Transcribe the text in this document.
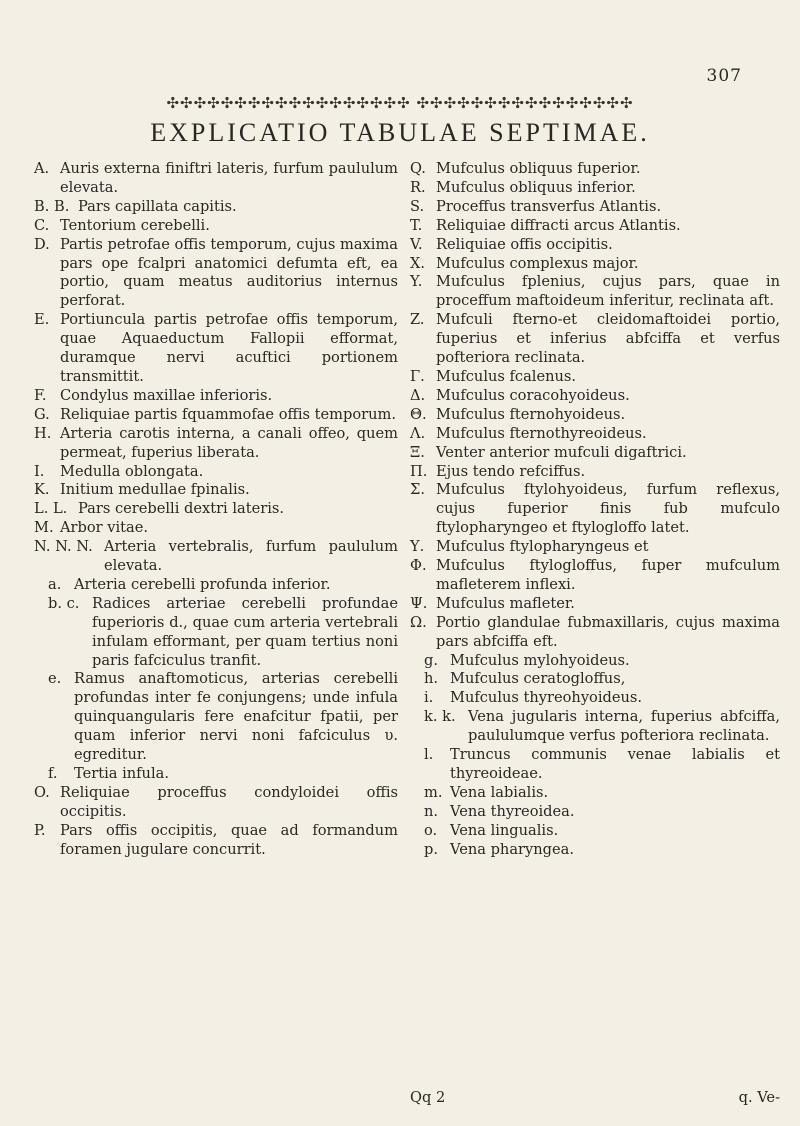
307
✣✣✣✣✣✣✣✣✣✣✣✣✣✣✣✣✣✣ ✣✣✣✣✣✣✣✣✣✣✣✣✣✣✣✣
EXPLICATIO TABULAE SEPTIMAE.
A. Auris externa finiftri lateris, furfum paululum elevata.
B. B. Pars capillata capitis.
C. Tentorium cerebelli.
D. Partis petrofae offis temporum, cujus maxima pars ope fcalpri anatomici defumta eft, ea portio, quam meatus auditorius internus perforat.
E. Portiuncula partis petrofae offis temporum, quae Aquaeductum Fallopii efformat, duramque nervi acuftici portionem transmittit.
F. Condylus maxillae inferioris.
G. Reliquiae partis fquammofae offis temporum.
H. Arteria carotis interna, a canali offeo, quem permeat, fuperius liberata.
I.	Medulla oblongata.
K. Initium medullae fpinalis.
L. L. Pars cerebelli dextri lateris.
M. Arbor vitae.
N. N. N. Arteria vertebralis, furfum paululum elevata.
a. Arteria cerebelli profunda inferior.
b. c. Radices arteriae cerebelli profundae fuperioris d., quae cum arteria vertebrali infulam efformant, per quam tertius noni paris fafciculus tranfit.
e. Ramus anaftomoticus, arterias cerebelli profundas inter fe conjungens; unde infula quinquangularis fere enafcitur fpatii, per quam inferior nervi noni fafciculus υ. egreditur.
f.	Tertia infula.
O. Reliquiae proceffus condyloidei offis occipitis.
P. Pars offis occipitis, quae ad formandum foramen jugulare concurrit.
Q. Mufculus obliquus fuperior.
R. Mufculus obliquus inferior.
S. Proceffus transverfus Atlantis.
T. Reliquiae diffracti arcus Atlantis.
V. Reliquiae offis occipitis.
X. Mufculus complexus major.
Y. Mufculus fplenius, cujus pars, quae in proceffum maftoideum inferitur, reclinata aft.
Z. Mufculi fterno-et cleidomaftoidei portio, fuperius et inferius abfciffa et verfus pofteriora reclinata.
Γ. Mufculus fcalenus.
Δ. Mufculus coracohyoideus.
Θ. Mufculus fternohyoideus.
Λ. Mufculus fternothyreoideus.
Ξ. Venter anterior mufculi digaftrici.
Π. Ejus tendo refciffus.
Σ. Mufculus ftylohyoideus, furfum reflexus, cujus fuperior finis fub mufculo ftylopharyngeo et ftylogloffo latet.
Υ. Mufculus ftylopharyngeus et
Φ. Mufculus ftylogloffus, fuper mufculum mafleterem inflexi.
Ψ. Mufculus mafleter.
Ω. Portio glandulae fubmaxillaris, cujus maxima pars abfciffa eft.
g. Mufculus mylohyoideus.
h. Mufculus ceratogloffus,
i.	Mufculus thyreohyoideus.
k. k. Vena jugularis interna, fuperius abfciffa, paululumque verfus pofteriora reclinata.
l.	Truncus communis venae labialis et thyreoideae.
m. Vena labialis.
n. Vena thyreoidea.
o. Vena lingualis.
p. Vena pharyngea.
Qq 2	q. Ve-
